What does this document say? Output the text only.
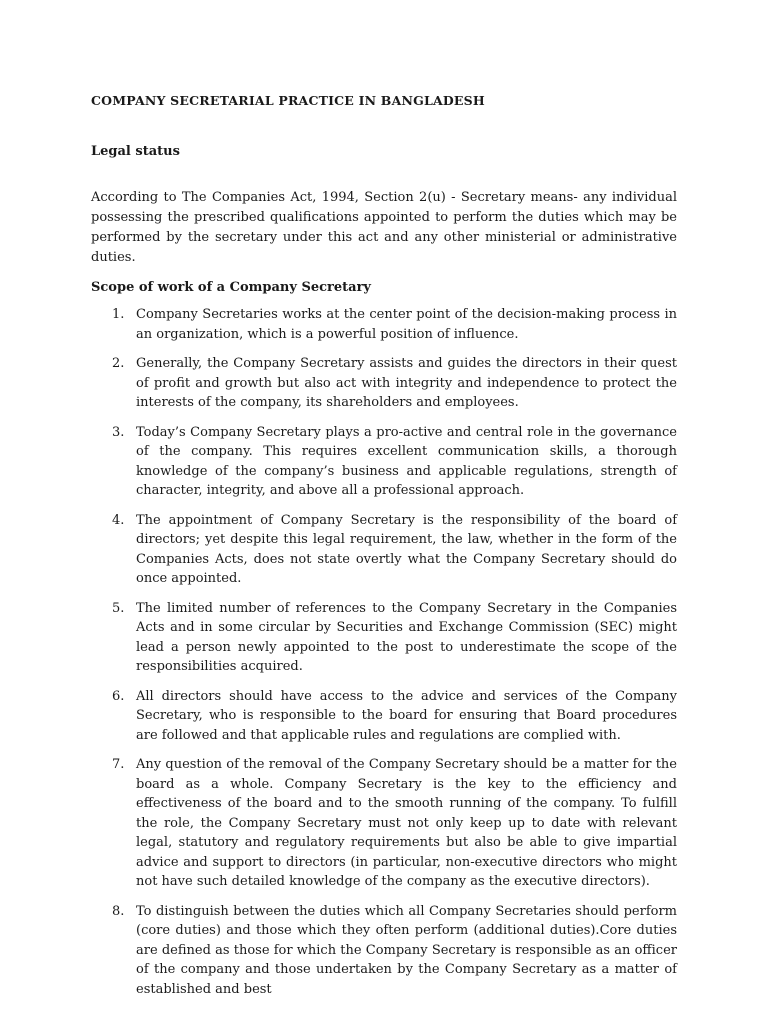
COMPANY SECRETARIAL PRACTICE IN BANGLADESH
Legal status

According to The Companies Act, 1994, Section 2(u) - Secretary means- any individual possessing the prescribed qualifications appointed to perform the duties which may be performed by the secretary under this act and any other ministerial or administrative duties.

Scope of work of a Company Secretary
1. Company Secretaries works at the center point of the decision-making process in an organization, which is a powerful position of influence.
2. Generally, the Company Secretary assists and guides the directors in their quest of profit and growth but also act with integrity and independence to protect the interests of the company, its shareholders and employees.
3. Today’s Company Secretary plays a pro-active and central role in the governance of the company. This requires excellent communication skills, a thorough knowledge of the company’s business and applicable regulations, strength of character, integrity, and above all a professional approach.
4. The appointment of Company Secretary is the responsibility of the board of directors; yet despite this legal requirement, the law, whether in the form of the Companies Acts, does not state overtly what the Company Secretary should do once appointed.
5. The limited number of references to the Company Secretary in the Companies Acts and in some circular by Securities and Exchange Commission (SEC) might lead a person newly appointed to the post to underestimate the scope of the responsibilities acquired.
6. All directors should have access to the advice and services of the Company Secretary, who is responsible to the board for ensuring that Board procedures are followed and that applicable rules and regulations are complied with.
7. Any question of the removal of the Company Secretary should be a matter for the board as a whole. Company Secretary is the key to the efficiency and effectiveness of the board and to the smooth running of the company. To fulfill the role, the Company Secretary must not only keep up to date with relevant legal, statutory and regulatory requirements but also be able to give impartial advice and support to directors (in particular, non-executive directors who might not have such detailed knowledge of the company as the executive directors).
8. To distinguish between the duties which all Company Secretaries should perform (core duties) and those which they often perform (additional duties).Core duties are defined as those for which the Company Secretary is responsible as an officer of the company and those undertaken by the Company Secretary as a matter of established and best
